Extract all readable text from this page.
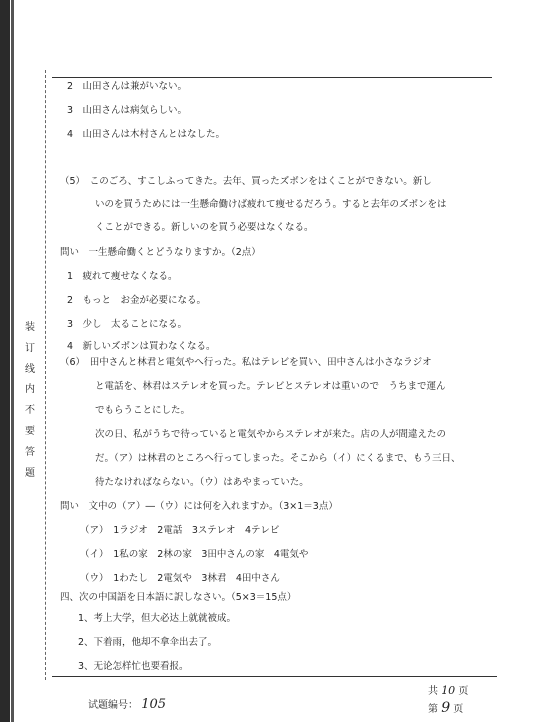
装订线内不要答题
2　山田さんは兼がいない。
3　山田さんは病気らしい。
4　山田さんは木村さんとはなした。
（5）　このごろ、すこしふってきた。去年、買ったズボンをはくことができない。新し
いのを買うためには一生懸命働けば疲れて痩せるだろう。すると去年のズボンをは
くことができる。新しいのを買う必要はなくなる。
問い　一生懸命働くとどうなりますか。（2点）
1　疲れて痩せなくなる。
2　もっと　お金が必要になる。
3　少し　太ることになる。
4　新しいズボンは買わなくなる。
（6）　田中さんと林君と電気やへ行った。私はテレビを買い、田中さんは小さなラジオ
と電話を、林君はステレオを買った。テレビとステレオは重いので　うちまで運ん
でもらうことにした。
次の日、私がうちで待っていると電気やからステレオが来た。店の人が間違えたの
だ。（ア）は林君のところへ行ってしまった。そこから（イ）にくるまで、もう三日、
待たなければならない。（ウ）はあやまっていた。
問い　文中の（ア）―（ウ）には何を入れますか。（3×1＝3点）
（ア）　1ラジオ　2電話　3ステレオ　4テレビ
（イ）　1私の家　2林の家　3田中さんの家　4電気や
（ウ）　1わたし　2電気や　3林君　4田中さん
四、次の中国語を日本語に訳しなさい。（5×3＝15点）
1、考上大学，但大必达上就就被成。
2、下着雨，他却不拿伞出去了。
3、无论怎样忙也要看报。
试题编号： 105
共 10 页
第 9 页
